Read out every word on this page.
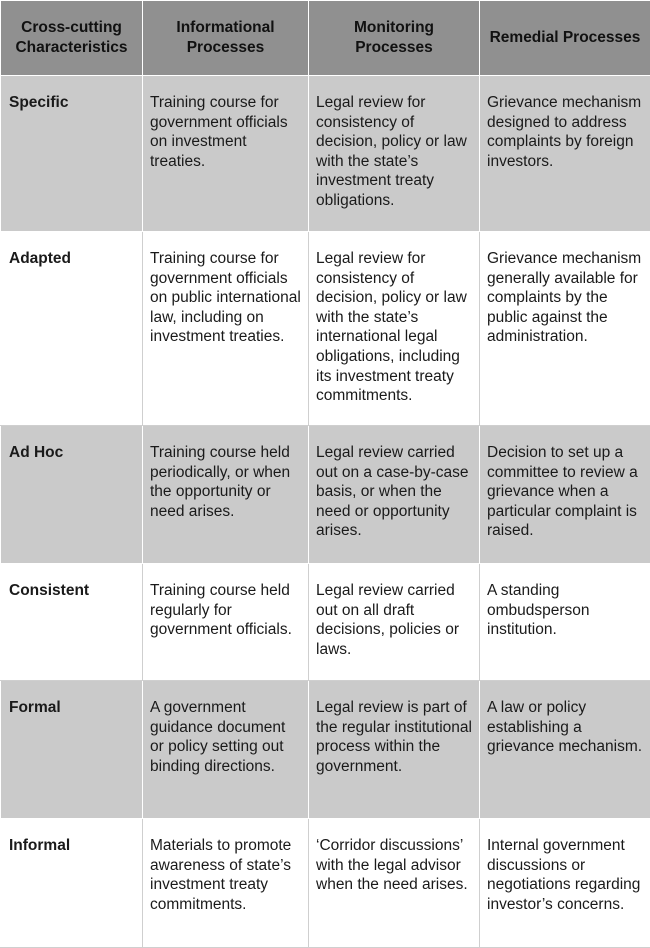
Cross-cutting Characteristics	Informational Processes	Monitoring Processes	Remedial Processes
Specific	Training course for government officials on investment treaties.	Legal review for consistency of decision, policy or law with the state’s investment treaty obligations.	Grievance mechanism designed to address complaints by foreign investors.
Adapted	Training course for government officials on public international law, including on investment treaties.	Legal review for consistency of decision, policy or law with the state’s international legal obligations, including its investment treaty commitments.	Grievance mechanism generally available for complaints by the public against the administration.
Ad Hoc	Training course held periodically, or when the opportunity or need arises.	Legal review carried out on a case-by-case basis, or when the need or opportunity arises.	Decision to set up a committee to review a grievance when a particular complaint is raised.
Consistent	Training course held regularly for government officials.	Legal review carried out on all draft decisions, policies or laws.	A standing ombudsperson institution.
Formal	A government guidance document or policy setting out binding directions.	Legal review is part of the regular institutional process within the government.	A law or policy establishing a grievance mechanism.
Informal	Materials to promote awareness of state’s investment treaty commitments.	‘Corridor discussions’ with the legal advisor when the need arises.	Internal government discussions or negotiations regarding investor’s concerns.
